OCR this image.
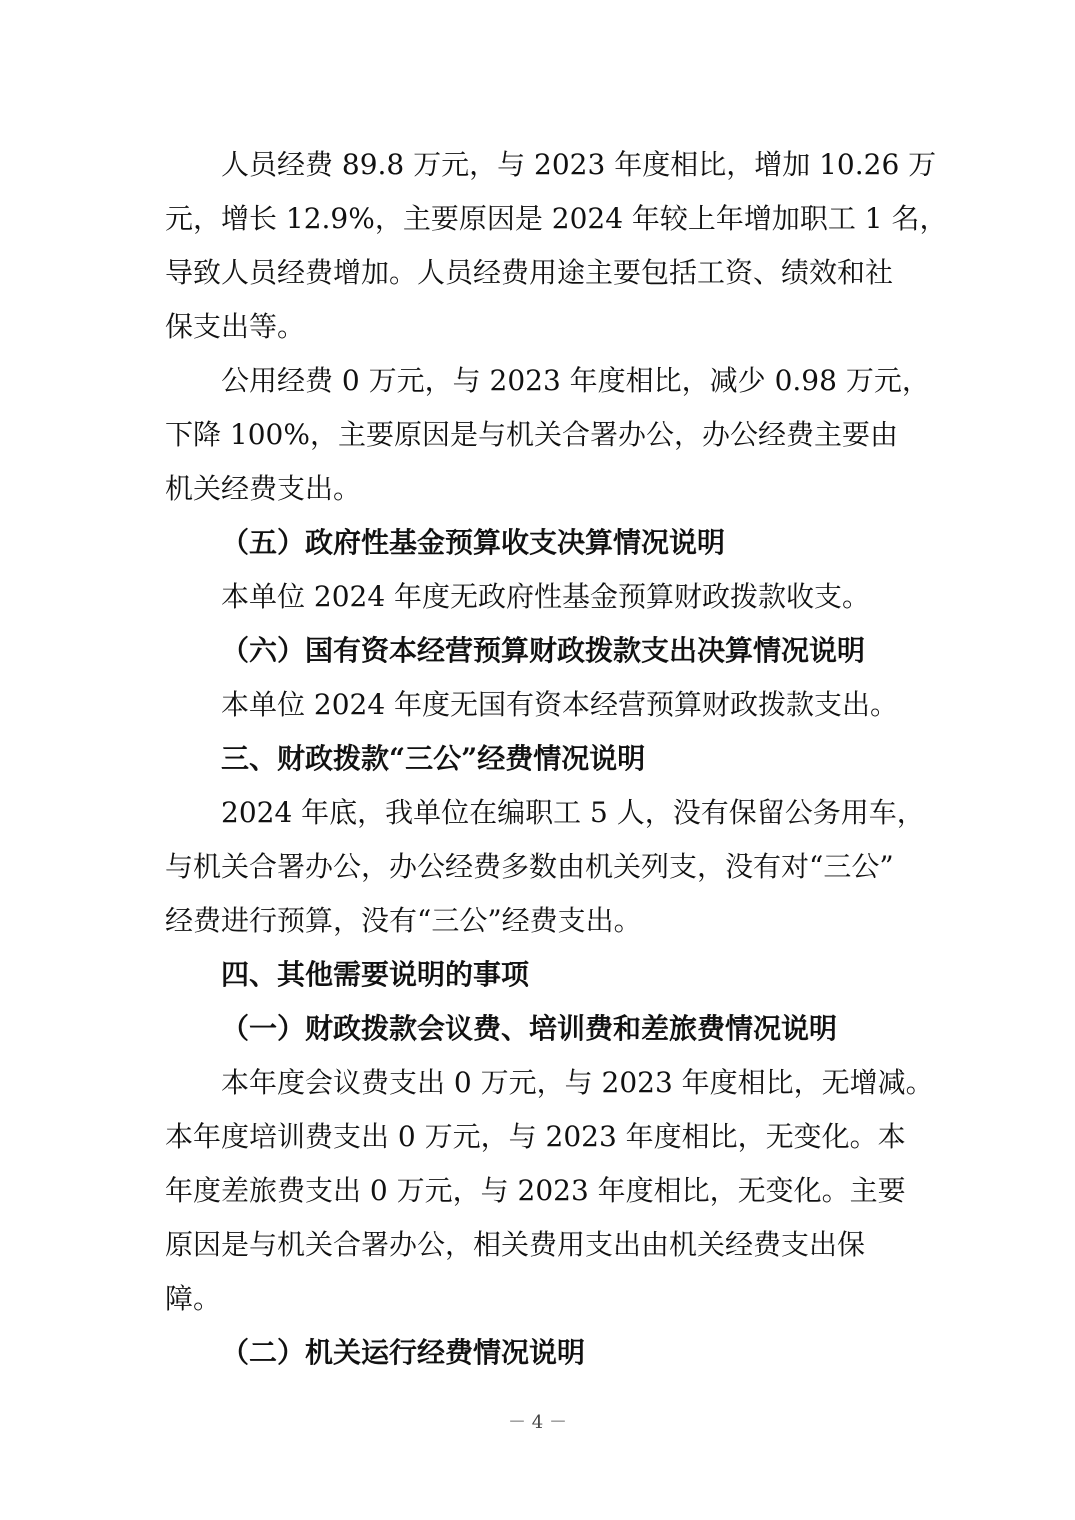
人员经费 89.8 万元，与 2023 年度相比，增加 10.26 万
元，增长 12.9%，主要原因是 2024 年较上年增加职工 1 名，
导致人员经费增加。人员经费用途主要包括工资、绩效和社
保支出等。
公用经费 0 万元，与 2023 年度相比，减少 0.98 万元，
下降 100%，主要原因是与机关合署办公，办公经费主要由
机关经费支出。
（五）政府性基金预算收支决算情况说明
本单位 2024 年度无政府性基金预算财政拨款收支。
（六）国有资本经营预算财政拨款支出决算情况说明
本单位 2024 年度无国有资本经营预算财政拨款支出。
三、财政拨款“三公”经费情况说明
2024 年底，我单位在编职工 5 人，没有保留公务用车，
与机关合署办公，办公经费多数由机关列支，没有对“三公”
经费进行预算，没有“三公”经费支出。
四、其他需要说明的事项
（一）财政拨款会议费、培训费和差旅费情况说明
本年度会议费支出 0 万元，与 2023 年度相比，无增减。
本年度培训费支出 0 万元，与 2023 年度相比，无变化。本
年度差旅费支出 0 万元，与 2023 年度相比，无变化。主要
原因是与机关合署办公，相关费用支出由机关经费支出保
障。
（二）机关运行经费情况说明
－ 4 －
